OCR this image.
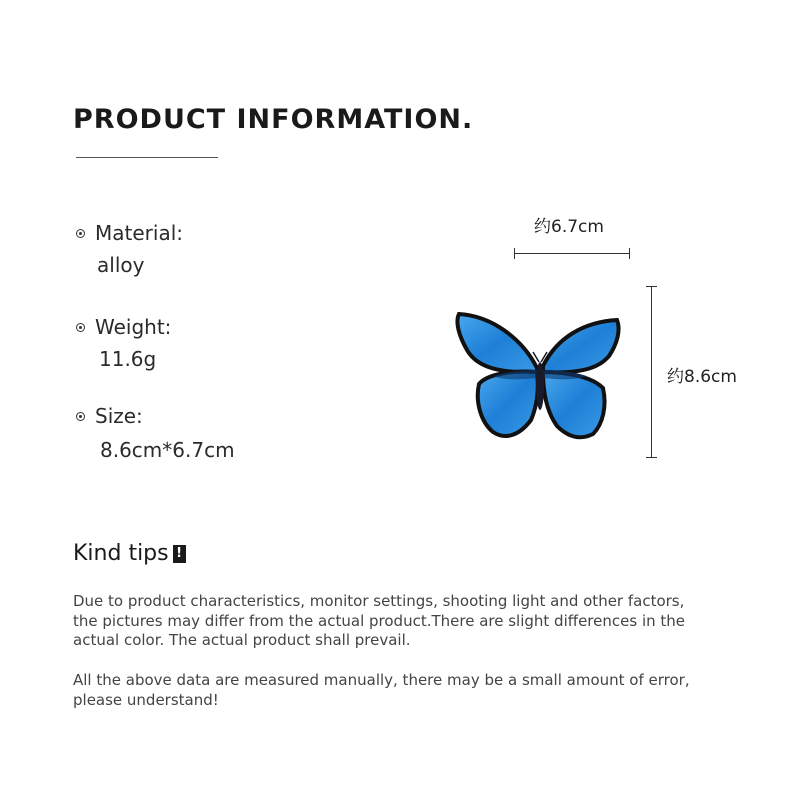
PRODUCT INFORMATION.
Material:
alloy
Weight:
11.6g
Size:
8.6cm*6.7cm
约6.7cm
约8.6cm
Kind tips !
Due to product characteristics, monitor settings, shooting light and other factors, the pictures may differ from the actual product.There are slight differences in the actual color. The actual product shall prevail.
All the above data are measured manually, there may be a small amount of error, please understand!
